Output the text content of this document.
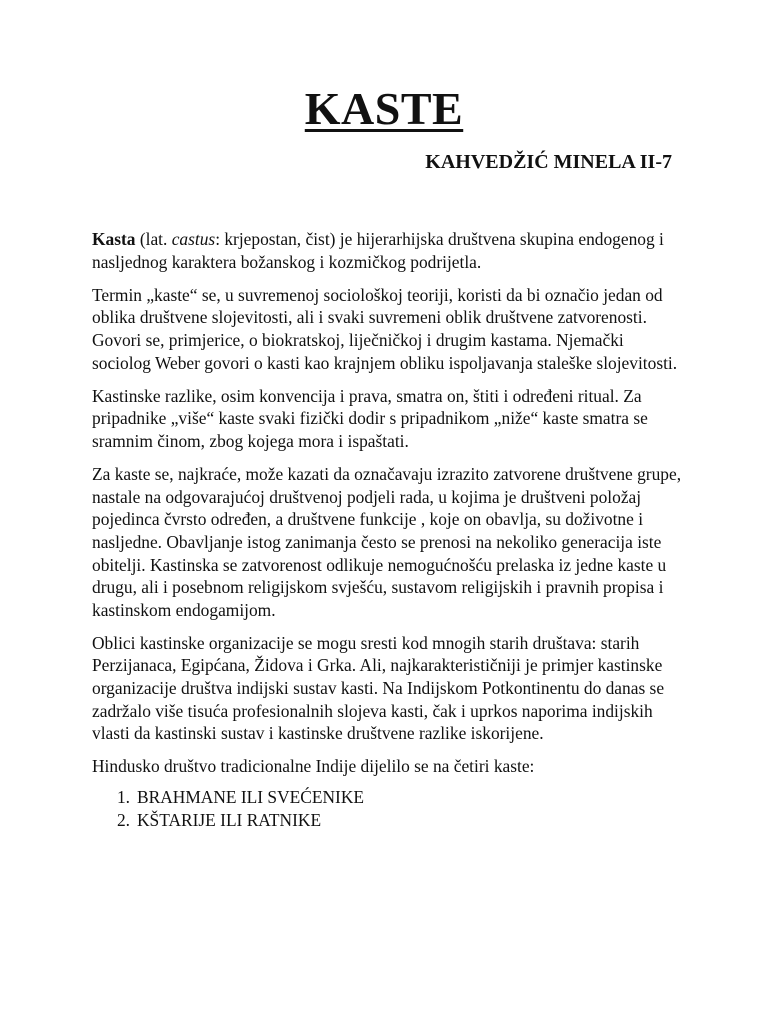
KASTE
KAHVEDŽIĆ MINELA II-7

Kasta (lat. castus: krjepostan, čist) je hijerarhijska društvena skupina endogenog i nasljednog karaktera božanskog i kozmičkog podrijetla.

Termin „kaste“ se, u suvremenoj sociološkoj teoriji, koristi da bi označio jedan od oblika društvene slojevitosti, ali i svaki suvremeni oblik društvene zatvorenosti. Govori se, primjerice, o biokratskoj, liječničkoj i drugim kastama. Njemački sociolog Weber govori o kasti kao krajnjem obliku ispoljavanja staleške slojevitosti.

Kastinske razlike, osim konvencija i prava, smatra on, štiti i određeni ritual. Za pripadnike „više“ kaste svaki fizički dodir s pripadnikom „niže“ kaste smatra se sramnim činom, zbog kojega mora i ispaštati.

Za kaste se, najkraće, može kazati da označavaju izrazito zatvorene društvene grupe, nastale na odgovarajućoj društvenoj podjeli rada, u kojima je društveni položaj pojedinca čvrsto određen, a društvene funkcije , koje on obavlja, su doživotne i nasljedne. Obavljanje istog zanimanja često se prenosi na nekoliko generacija iste obitelji. Kastinska se zatvorenost odlikuje nemogućnošću prelaska iz jedne kaste u drugu, ali i posebnom religijskom svješću, sustavom religijskih i pravnih propisa i kastinskom endogamijom.

Oblici kastinske organizacije se mogu sresti kod mnogih starih društava: starih Perzijanaca, Egipćana, Židova i Grka. Ali, najkarakterističniji je primjer kastinske organizacije društva indijski sustav kasti. Na Indijskom Potkontinentu do danas se zadržalo više tisuća profesionalnih slojeva kasti, čak i uprkos naporima indijskih vlasti da kastinski sustav i kastinske društvene razlike iskorijene.

Hindusko društvo tradicionalne Indije dijelilo se na četiri kaste:

1. BRAHMANE ILI SVEĆENIKE
2. KŠTARIJE ILI RATNIKE
